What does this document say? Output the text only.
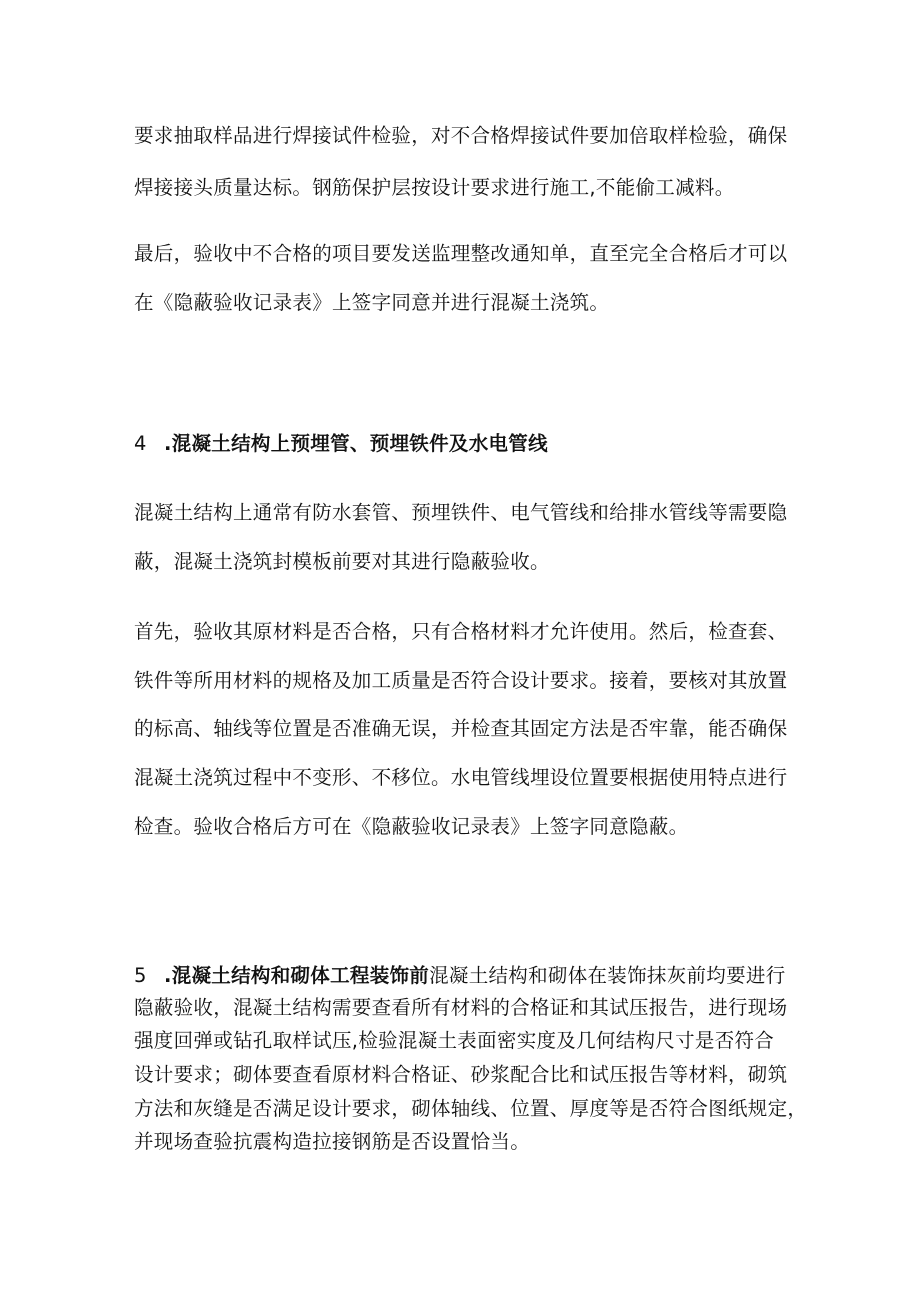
要求抽取样品进行焊接试件检验，对不合格焊接试件要加倍取样检验，确保
焊接接头质量达标。钢筋保护层按设计要求进行施工,不能偷工减料。
最后，验收中不合格的项目要发送监理整改通知单，直至完全合格后才可以
在《隐蔽验收记录表》上签字同意并进行混凝土浇筑。
4 .混凝土结构上预埋管、预埋铁件及水电管线
混凝土结构上通常有防水套管、预埋铁件、电气管线和给排水管线等需要隐
蔽，混凝土浇筑封模板前要对其进行隐蔽验收。
首先，验收其原材料是否合格，只有合格材料才允许使用。然后，检查套、
铁件等所用材料的规格及加工质量是否符合设计要求。接着，要核对其放置
的标高、轴线等位置是否准确无误，并检查其固定方法是否牢靠，能否确保
混凝土浇筑过程中不变形、不移位。水电管线埋设位置要根据使用特点进行
检查。验收合格后方可在《隐蔽验收记录表》上签字同意隐蔽。
5 .混凝土结构和砌体工程装饰前混凝土结构和砌体在装饰抹灰前均要进行
隐蔽验收，混凝土结构需要查看所有材料的合格证和其试压报告，进行现场
强度回弹或钻孔取样试压,检验混凝土表面密实度及几何结构尺寸是否符合
设计要求；砌体要查看原材料合格证、砂浆配合比和试压报告等材料，砌筑
方法和灰缝是否满足设计要求，砌体轴线、位置、厚度等是否符合图纸规定，
并现场查验抗震构造拉接钢筋是否设置恰当。
